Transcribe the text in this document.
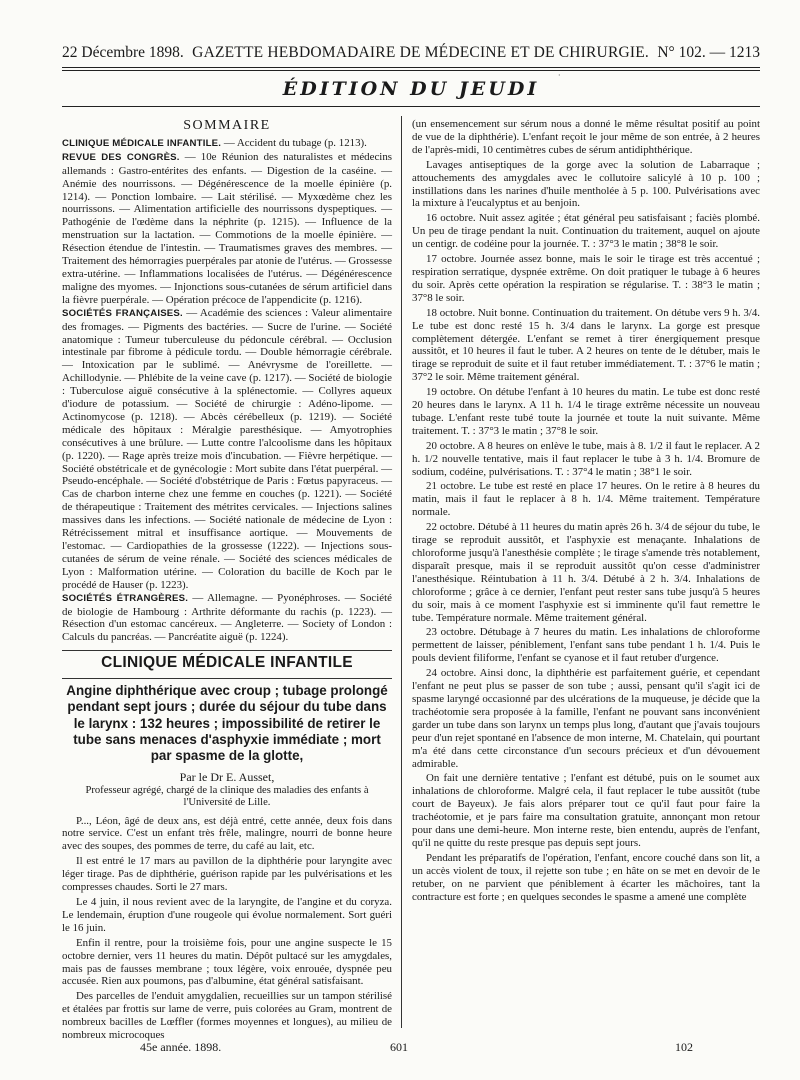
22 Décembre 1898. GAZETTE HEBDOMADAIRE DE MÉDECINE ET DE CHIRURGIE. N° 102. — 1213
·
ÉDITION DU JEUDI
SOMMAIRE

CLINIQUE MÉDICALE INFANTILE. — Accident du tubage (p. 1213).

REVUE DES CONGRÈS. — 10e Réunion des naturalistes et médecins allemands : Gastro-entérites des enfants. — Digestion de la caséine. — Anémie des nourrissons. — Dégénérescence de la moelle épinière (p. 1214). — Ponction lombaire. — Lait stérilisé. — Myxœdème chez les nourrissons. — Alimentation artificielle des nourrissons dyspeptiques. — Pathogénie de l'œdème dans la néphrite (p. 1215). — Influence de la menstruation sur la lactation. — Commotions de la moelle épinière. — Résection étendue de l'intestin. — Traumatismes graves des membres. — Traitement des hémorragies puerpérales par atonie de l'utérus. — Grossesse extra-utérine. — Inflammations localisées de l'utérus. — Dégénérescence maligne des myomes. — Injonctions sous-cutanées de sérum artificiel dans la fièvre puerpérale. — Opération précoce de l'appendicite (p. 1216).

SOCIÉTÉS FRANÇAISES. — Académie des sciences : Valeur alimentaire des fromages. — Pigments des bactéries. — Sucre de l'urine. — Société anatomique : Tumeur tuberculeuse du pédoncule cérébral. — Occlusion intestinale par fibrome à pédicule tordu. — Double hémorragie cérébrale. — Intoxication par le sublimé. — Anévrysme de l'oreillette. — Achillodynie. — Phlébite de la veine cave (p. 1217). — Société de biologie : Tuberculose aiguë consécutive à la splénectomie. — Collyres aqueux d'iodure de potassium. — Société de chirurgie : Adéno-lipome. — Actinomycose (p. 1218). — Abcès cérébelleux (p. 1219). — Société médicale des hôpitaux : Méralgie paresthésique. — Amyotrophies consécutives à une brûlure. — Lutte contre l'alcoolisme dans les hôpitaux (p. 1220). — Rage après treize mois d'incubation. — Fièvre herpétique. — Société obstétricale et de gynécologie : Mort subite dans l'état puerpéral. — Pseudo-encéphale. — Société d'obstétrique de Paris : Fœtus papyraceus. — Cas de charbon interne chez une femme en couches (p. 1221). — Société de thérapeutique : Traitement des métrites cervicales. — Injections salines massives dans les infections. — Société nationale de médecine de Lyon : Rétrécissement mitral et insuffisance aortique. — Mouvements de l'estomac. — Cardiopathies de la grossesse (1222). — Injections sous-cutanées de sérum de veine rénale. — Société des sciences médicales de Lyon : Malformation utérine. — Coloration du bacille de Koch par le procédé de Hauser (p. 1223).

SOCIÉTÉS ÉTRANGÈRES. — Allemagne. — Pyonéphroses. — Société de biologie de Hambourg : Arthrite déformante du rachis (p. 1223). — Résection d'un estomac cancéreux. — Angleterre. — Society of London : Calculs du pancréas. — Pancréatite aiguë (p. 1224).

CLINIQUE MÉDICALE INFANTILE
Angine diphthérique avec croup ; tubage prolongé pendant sept jours ; durée du séjour du tube dans le larynx : 132 heures ; impossibilité de retirer le tube sans menaces d'asphyxie immédiate ; mort par spasme de la glotte,
Par le Dr E. Ausset,
Professeur agrégé, chargé de la clinique des maladies des enfants à l'Université de Lille.

P..., Léon, âgé de deux ans, est déjà entré, cette année, deux fois dans notre service. C'est un enfant très frêle, malingre, nourri de bonne heure avec des soupes, des pommes de terre, du café au lait, etc.

Il est entré le 17 mars au pavillon de la diphthérie pour laryngite avec léger tirage. Pas de diphthérie, guérison rapide par les pulvérisations et les compresses chaudes. Sorti le 27 mars.

Le 4 juin, il nous revient avec de la laryngite, de l'angine et du coryza. Le lendemain, éruption d'une rougeole qui évolue normalement. Sort guéri le 16 juin.

Enfin il rentre, pour la troisième fois, pour une angine suspecte le 15 octobre dernier, vers 11 heures du matin. Dépôt pultacé sur les amygdales, mais pas de fausses membrane ; toux légère, voix enrouée, dyspnée peu accusée. Rien aux poumons, pas d'albumine, état général satisfaisant.

Des parcelles de l'enduit amygdalien, recueillies sur un tampon stérilisé et étalées par frottis sur lame de verre, puis colorées au Gram, montrent de nombreux bacilles de Lœffler (formes moyennes et longues), au milieu de nombreux microcoques

(un ensemencement sur sérum nous a donné le même résultat positif au point de vue de la diphthérie). L'enfant reçoit le jour même de son entrée, à 2 heures de l'après-midi, 10 centimètres cubes de sérum antidiphthérique.

Lavages antiseptiques de la gorge avec la solution de Labarraque ; attouchements des amygdales avec le collutoire salicylé à 10 p. 100 ; instillations dans les narines d'huile mentholée à 5 p. 100. Pulvérisations avec la mixture à l'eucalyptus et au benjoin.

16 octobre. Nuit assez agitée ; état général peu satisfaisant ; faciès plombé. Un peu de tirage pendant la nuit. Continuation du traitement, auquel on ajoute un centigr. de codéine pour la journée. T. : 37°3 le matin ; 38°8 le soir.

17 octobre. Journée assez bonne, mais le soir le tirage est très accentué ; respiration serratique, dyspnée extrême. On doit pratiquer le tubage à 6 heures du soir. Après cette opération la respiration se régularise. T. : 38°3 le matin ; 37°8 le soir.

18 octobre. Nuit bonne. Continuation du traitement. On détube vers 9 h. 3/4. Le tube est donc resté 15 h. 3/4 dans le larynx. La gorge est presque complètement détergée. L'enfant se remet à tirer énergiquement presque aussitôt, et 10 heures il faut le tuber. A 2 heures on tente de le détuber, mais le tirage se reproduit de suite et il faut retuber immédiatement. T. : 37°6 le matin ; 37°2 le soir. Même traitement général.

19 octobre. On détube l'enfant à 10 heures du matin. Le tube est donc resté 20 heures dans le larynx. A 11 h. 1/4 le tirage extrême nécessite un nouveau tubage. L'enfant reste tubé toute la journée et toute la nuit suivante. Même traitement. T. : 37°3 le matin ; 37°8 le soir.

20 octobre. A 8 heures on enlève le tube, mais à 8. 1/2 il faut le replacer. A 2 h. 1/2 nouvelle tentative, mais il faut replacer le tube à 3 h. 1/4. Bromure de sodium, codéine, pulvérisations. T. : 37°4 le matin ; 38°1 le soir.

21 octobre. Le tube est resté en place 17 heures. On le retire à 8 heures du matin, mais il faut le replacer à 8 h. 1/4. Même traitement. Température normale.

22 octobre. Détubé à 11 heures du matin après 26 h. 3/4 de séjour du tube, le tirage se reproduit aussitôt, et l'asphyxie est menaçante. Inhalations de chloroforme jusqu'à l'anesthésie complète ; le tirage s'amende très notablement, disparaît presque, mais il se reproduit aussitôt qu'on cesse d'administrer l'anesthésique. Réintubation à 11 h. 3/4. Détubé à 2 h. 3/4. Inhalations de chloroforme ; grâce à ce dernier, l'enfant peut rester sans tube jusqu'à 5 heures du soir, mais à ce moment l'asphyxie est si imminente qu'il faut remettre le tube. Température normale. Même traitement général.

23 octobre. Détubage à 7 heures du matin. Les inhalations de chloroforme permettent de laisser, péniblement, l'enfant sans tube pendant 1 h. 1/4. Puis le pouls devient filiforme, l'enfant se cyanose et il faut retuber d'urgence.

24 octobre. Ainsi donc, la diphthérie est parfaitement guérie, et cependant l'enfant ne peut plus se passer de son tube ; aussi, pensant qu'il s'agit ici de spasme laryngé occasionné par des ulcérations de la muqueuse, je décide que la trachéotomie sera proposée à la famille, l'enfant ne pouvant sans inconvénient garder un tube dans son larynx un temps plus long, d'autant que j'avais toujours peur d'un rejet spontané en l'absence de mon interne, M. Chatelain, qui pourtant m'a été dans cette circonstance d'un secours précieux et d'un dévouement admirable.

On fait une dernière tentative ; l'enfant est détubé, puis on le soumet aux inhalations de chloroforme. Malgré cela, il faut replacer le tube aussitôt (tube court de Bayeux). Je fais alors préparer tout ce qu'il faut pour faire la trachéotomie, et je pars faire ma consultation gratuite, annonçant mon retour pour dans une demi-heure. Mon interne reste, bien entendu, auprès de l'enfant, qu'il ne quitte du reste presque pas depuis sept jours.

Pendant les préparatifs de l'opération, l'enfant, encore couché dans son lit, a un accès violent de toux, il rejette son tube ; en hâte on se met en devoir de le retuber, on ne parvient que péniblement à écarter les mâchoires, tant la contracture est forte ; en quelques secondes le spasme a amené une complète

45e année. 1898.	601	102
